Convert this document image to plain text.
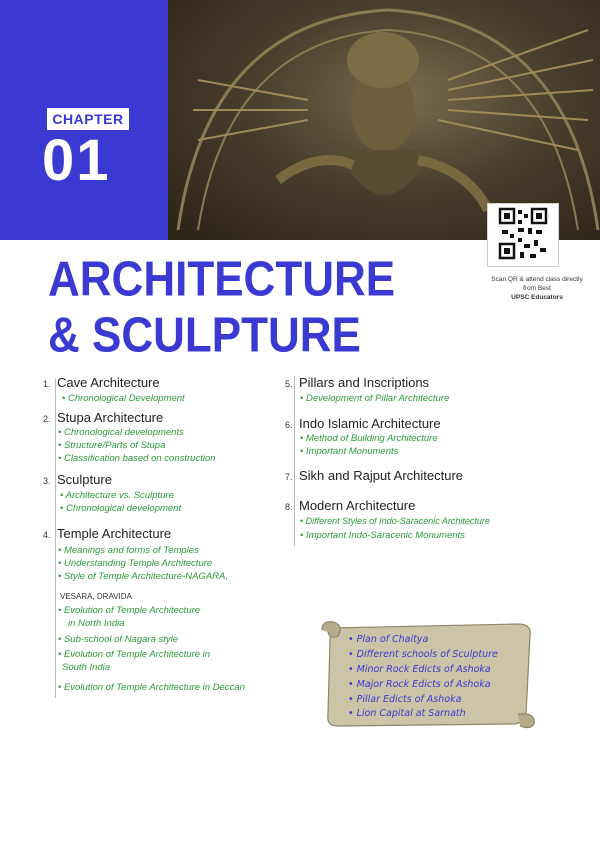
CHAPTER
01
Scan QR & attend class directly from Best
UPSC Educators
ARCHITECTURE
& SCULPTURE
1. Cave Architecture
• Chronological Development
2. Stupa Architecture
• Chronological developments
• Structure/Parts of Stupa
• Classification based on construction
3. Sculpture
• Architecture vs. Sculpture
• Chronological development
4. Temple Architecture
• Meanings and forms of Temples
• Understanding Temple Architecture
• Style of Temple Architecture-NAGARA,
VESARA, DRAVIDA
• Evolution of Temple Architecture
in North India
• Sub-school of Nagara style
• Evolution of Temple Architecture in
South India
• Evolution of Temple Architecture in Deccan
5. Pillars and Inscriptions
• Development of Pillar Architecture
6. Indo Islamic Architecture
• Method of Building Architecture
• Important Monuments
7. Sikh and Rajput Architecture
8. Modern Architecture
• Different Styles of Indo-Saracenic Architecture
• Important Indo-Saracenic Monuments
• Plan of Chaitya
• Different schools of Sculpture
• Minor Rock Edicts of Ashoka
• Major Rock Edicts of Ashoka
• Pillar Edicts of Ashoka
• Lion Capital at Sarnath
